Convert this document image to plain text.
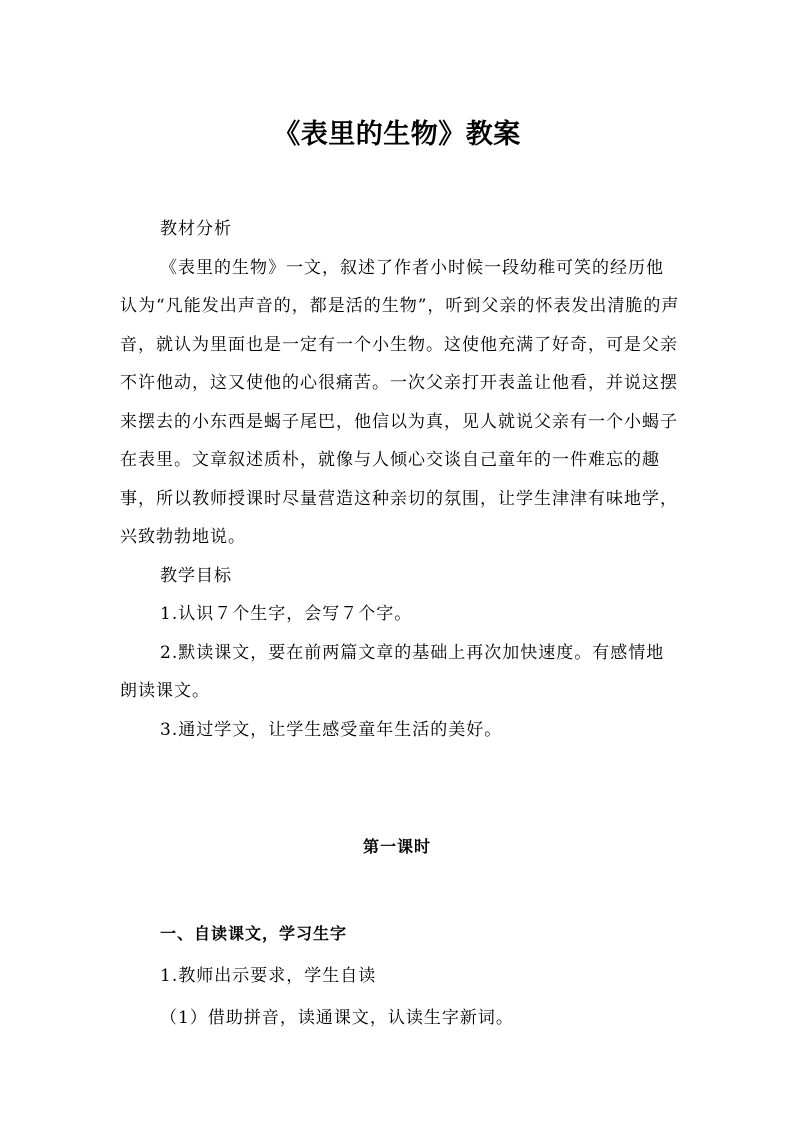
《表里的生物》教案

教材分析

《表里的生物》一文，叙述了作者小时候一段幼稚可笑的经历他认为“凡能发出声音的，都是活的生物”，听到父亲的怀表发出清脆的声音，就认为里面也是一定有一个小生物。这使他充满了好奇，可是父亲不许他动，这又使他的心很痛苦。一次父亲打开表盖让他看，并说这摆来摆去的小东西是蝎子尾巴，他信以为真，见人就说父亲有一个小蝎子在表里。文章叙述质朴，就像与人倾心交谈自己童年的一件难忘的趣事，所以教师授课时尽量营造这种亲切的氛围，让学生津津有味地学，兴致勃勃地说。

教学目标

1.认识７个生字，会写７个字。

2.默读课文，要在前两篇文章的基础上再次加快速度。有感情地朗读课文。

3.通过学文，让学生感受童年生活的美好。

第一课时

一、自读课文，学习生字

1.教师出示要求，学生自读

（1）借助拼音，读通课文，认读生字新词。
